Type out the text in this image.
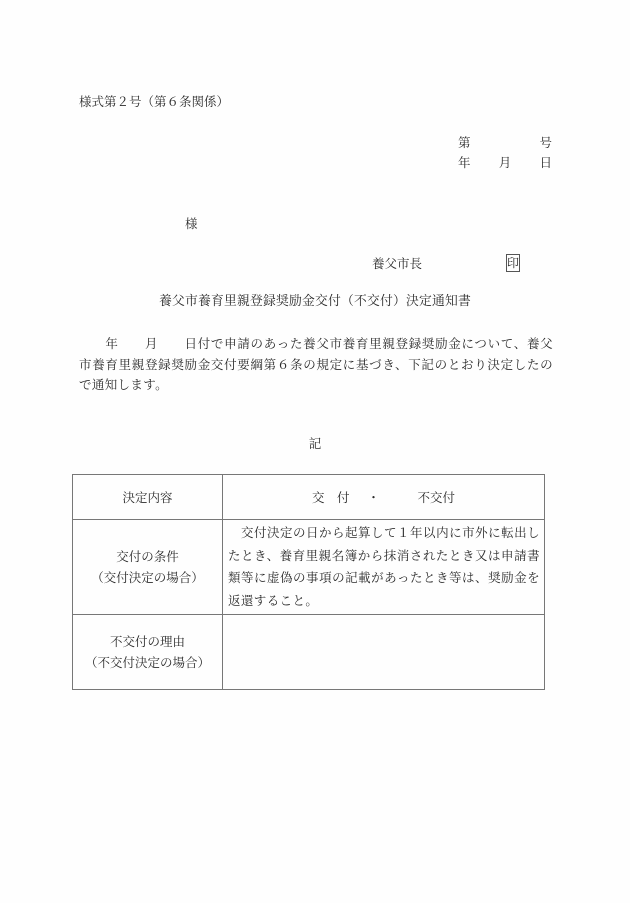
様式第２号（第６条関係）
第	号
年 月 日
様
養父市長	印
養父市養育里親登録奨励金交付（不交付）決定通知書
　　年　　月　　日付で申請のあった養父市養育里親登録奨励金について、養父市養育里親登録奨励金交付要綱第６条の規定に基づき、下記のとおり決定したので通知します。
記
決定内容	交　付 ・ 不交付

交付の条件
（交付決定の場合）	　交付決定の日から起算して１年以内に市外に転出したとき、養育里親名簿から抹消されたとき又は申請書類等に虚偽の事項の記載があったとき等は、奨励金を返還すること。

不交付の理由
（不交付決定の場合）	
